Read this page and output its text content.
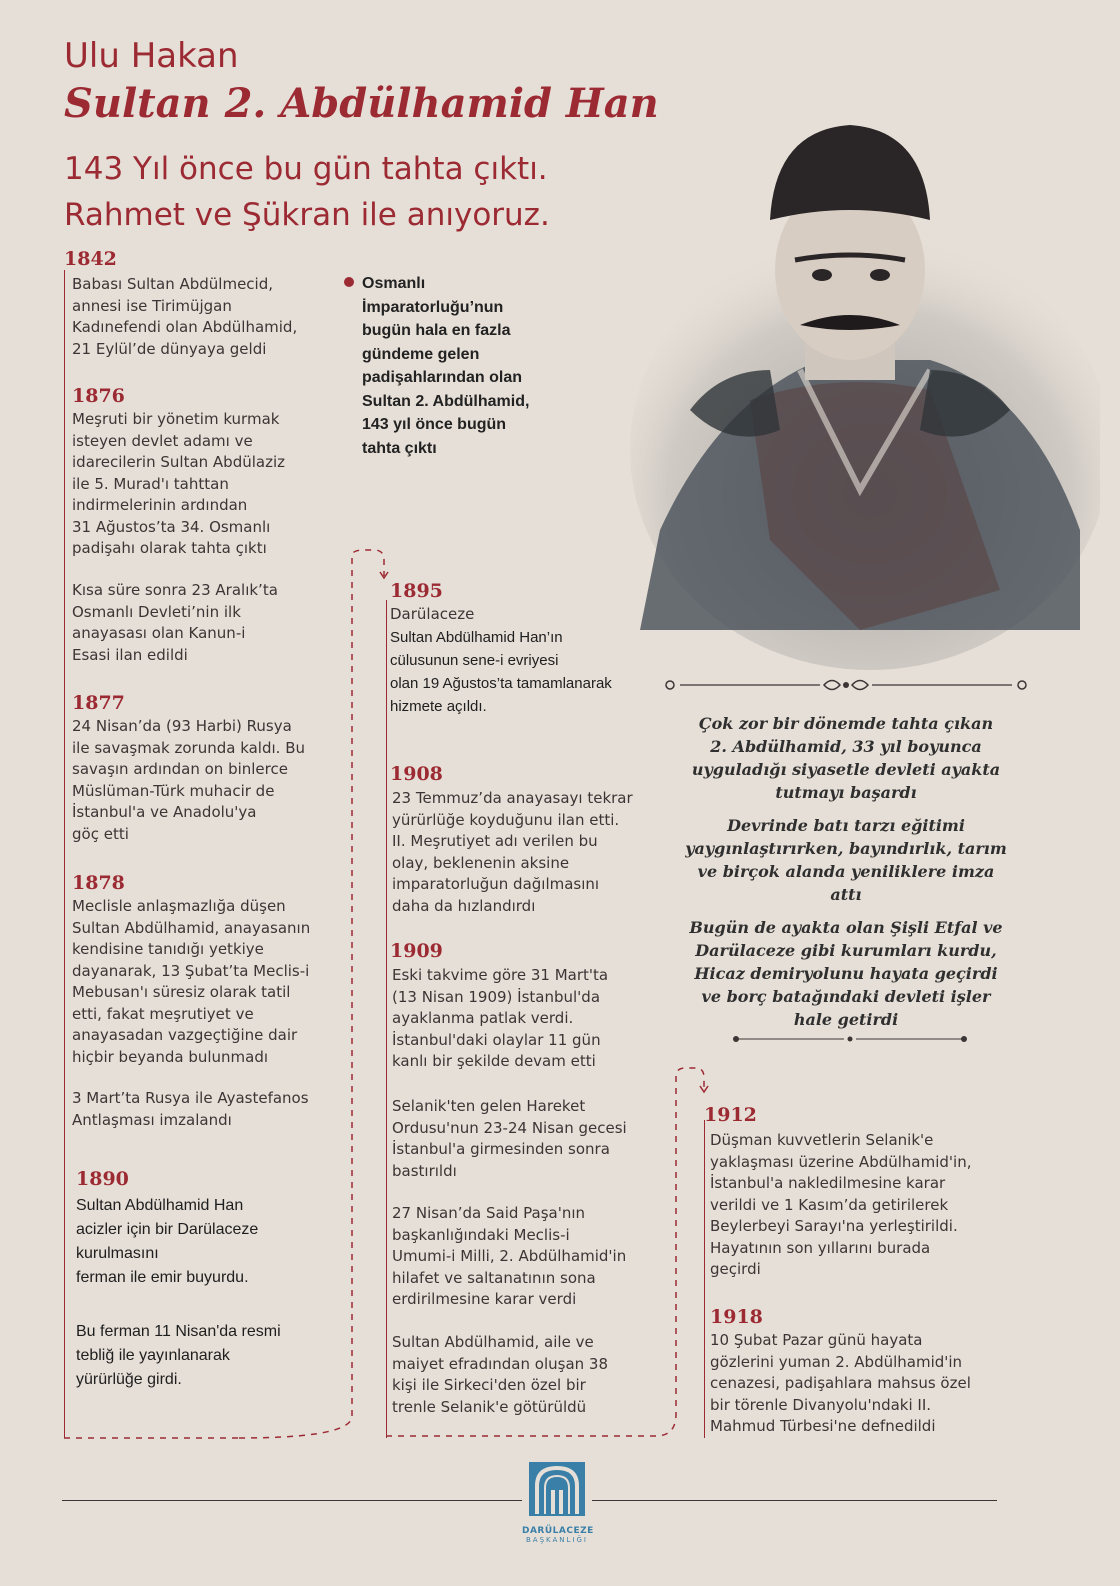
Ulu Hakan
Sultan 2. Abdülhamid Han
143 Yıl önce bu gün tahta çıktı.
Rahmet ve Şükran ile anıyoruz.
Osmanlı
İmparatorluğu’nun
bugün hala en fazla
gündeme gelen
padişahlarından olan
Sultan 2. Abdülhamid,
143 yıl önce bugün
tahta çıktı
1842
Babası Sultan Abdülmecid,
annesi ise Tirimüjgan
Kadınefendi olan Abdülhamid,
21 Eylül’de dünyaya geldi
1876
Meşruti bir yönetim kurmak
isteyen devlet adamı ve
idarecilerin Sultan Abdülaziz
ile 5. Murad'ı tahttan
indirmelerinin ardından
31 Ağustos’ta 34. Osmanlı
padişahı olarak tahta çıktı
Kısa süre sonra 23 Aralık’ta
Osmanlı Devleti’nin ilk
anayasası olan Kanun-i
Esasi ilan edildi
1877
24 Nisan’da (93 Harbi) Rusya
ile savaşmak zorunda kaldı. Bu
savaşın ardından on binlerce
Müslüman-Türk muhacir de
İstanbul'a ve Anadolu'ya
göç etti
1878
Meclisle anlaşmazlığa düşen
Sultan Abdülhamid, anayasanın
kendisine tanıdığı yetkiye
dayanarak, 13 Şubat’ta Meclis-i
Mebusan'ı süresiz olarak tatil
etti, fakat meşrutiyet ve
anayasadan vazgeçtiğine dair
hiçbir beyanda bulunmadı
3 Mart’ta Rusya ile Ayastefanos
Antlaşması imzalandı
1890
Sultan Abdülhamid Han
acizler için bir Darülaceze
kurulmasını
ferman ile emir buyurdu.
Bu ferman 11 Nisan'da resmi
tebliğ ile yayınlanarak
yürürlüğe girdi.
1895
Darülaceze
Sultan Abdülhamid Han’ın
cülusunun sene-i evriyesi
olan 19 Ağustos’ta tamamlanarak
hizmete açıldı.
1908
23 Temmuz’da anayasayı tekrar
yürürlüğe koyduğunu ilan etti.
II. Meşrutiyet adı verilen bu
olay, beklenenin aksine
imparatorluğun dağılmasını
daha da hızlandırdı
1909
Eski takvime göre 31 Mart'ta
(13 Nisan 1909) İstanbul'da
ayaklanma patlak verdi.
İstanbul'daki olaylar 11 gün
kanlı bir şekilde devam etti
Selanik'ten gelen Hareket
Ordusu'nun 23-24 Nisan gecesi
İstanbul'a girmesinden sonra
bastırıldı
27 Nisan’da Said Paşa'nın
başkanlığındaki Meclis-i
Umumi-i Milli, 2. Abdülhamid'in
hilafet ve saltanatının sona
erdirilmesine karar verdi
Sultan Abdülhamid, aile ve
maiyet efradından oluşan 38
kişi ile Sirkeci'den özel bir
trenle Selanik'e götürüldü
Çok zor bir dönemde tahta çıkan
2. Abdülhamid, 33 yıl boyunca
uyguladığı siyasetle devleti ayakta
tutmayı başardı
Devrinde batı tarzı eğitimi
yaygınlaştırırken, bayındırlık, tarım
ve birçok alanda yeniliklere imza
attı
Bugün de ayakta olan Şişli Etfal ve
Darülaceze gibi kurumları kurdu,
Hicaz demiryolunu hayata geçirdi
ve borç batağındaki devleti işler
hale getirdi
1912
Düşman kuvvetlerin Selanik'e
yaklaşması üzerine Abdülhamid'in,
İstanbul'a nakledilmesine karar
verildi ve 1 Kasım’da getirilerek
Beylerbeyi Sarayı'na yerleştirildi.
Hayatının son yıllarını burada
geçirdi
1918
10 Şubat Pazar günü hayata
gözlerini yuman 2. Abdülhamid'in
cenazesi, padişahlara mahsus özel
bir törenle Divanyolu'ndaki II.
Mahmud Türbesi'ne defnedildi
DARÜLACEZE
BAŞKANLIĞI
